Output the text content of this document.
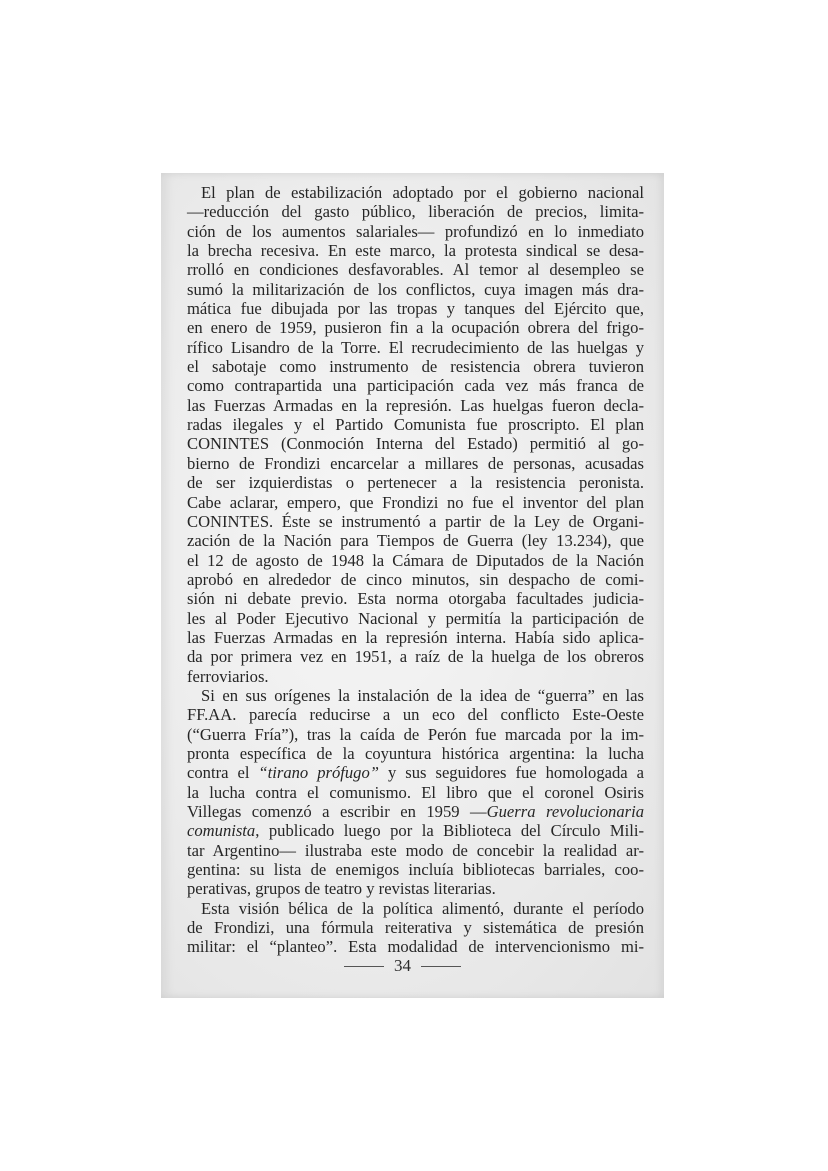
El plan de estabilización adoptado por el gobierno nacional
—reducción del gasto público, liberación de precios, limita-
ción de los aumentos salariales— profundizó en lo inmediato
la brecha recesiva. En este marco, la protesta sindical se desa-
rrolló en condiciones desfavorables. Al temor al desempleo se
sumó la militarización de los conflictos, cuya imagen más dra-
mática fue dibujada por las tropas y tanques del Ejército que,
en enero de 1959, pusieron fin a la ocupación obrera del frigo-
rífico Lisandro de la Torre. El recrudecimiento de las huelgas y
el sabotaje como instrumento de resistencia obrera tuvieron
como contrapartida una participación cada vez más franca de
las Fuerzas Armadas en la represión. Las huelgas fueron decla-
radas ilegales y el Partido Comunista fue proscripto. El plan
CONINTES (Conmoción Interna del Estado) permitió al go-
bierno de Frondizi encarcelar a millares de personas, acusadas
de ser izquierdistas o pertenecer a la resistencia peronista.
Cabe aclarar, empero, que Frondizi no fue el inventor del plan
CONINTES. Éste se instrumentó a partir de la Ley de Organi-
zación de la Nación para Tiempos de Guerra (ley 13.234), que
el 12 de agosto de 1948 la Cámara de Diputados de la Nación
aprobó en alrededor de cinco minutos, sin despacho de comi-
sión ni debate previo. Esta norma otorgaba facultades judicia-
les al Poder Ejecutivo Nacional y permitía la participación de
las Fuerzas Armadas en la represión interna. Había sido aplica-
da por primera vez en 1951, a raíz de la huelga de los obreros
ferroviarios.
Si en sus orígenes la instalación de la idea de “guerra” en las
FF.AA. parecía reducirse a un eco del conflicto Este-Oeste
(“Guerra Fría”), tras la caída de Perón fue marcada por la im-
pronta específica de la coyuntura histórica argentina: la lucha
contra el “tirano prófugo” y sus seguidores fue homologada a
la lucha contra el comunismo. El libro que el coronel Osiris
Villegas comenzó a escribir en 1959 —Guerra revolucionaria
comunista, publicado luego por la Biblioteca del Círculo Mili-
tar Argentino— ilustraba este modo de concebir la realidad ar-
gentina: su lista de enemigos incluía bibliotecas barriales, coo-
perativas, grupos de teatro y revistas literarias.
Esta visión bélica de la política alimentó, durante el período
de Frondizi, una fórmula reiterativa y sistemática de presión
militar: el “planteo”. Esta modalidad de intervencionismo mi-
34
